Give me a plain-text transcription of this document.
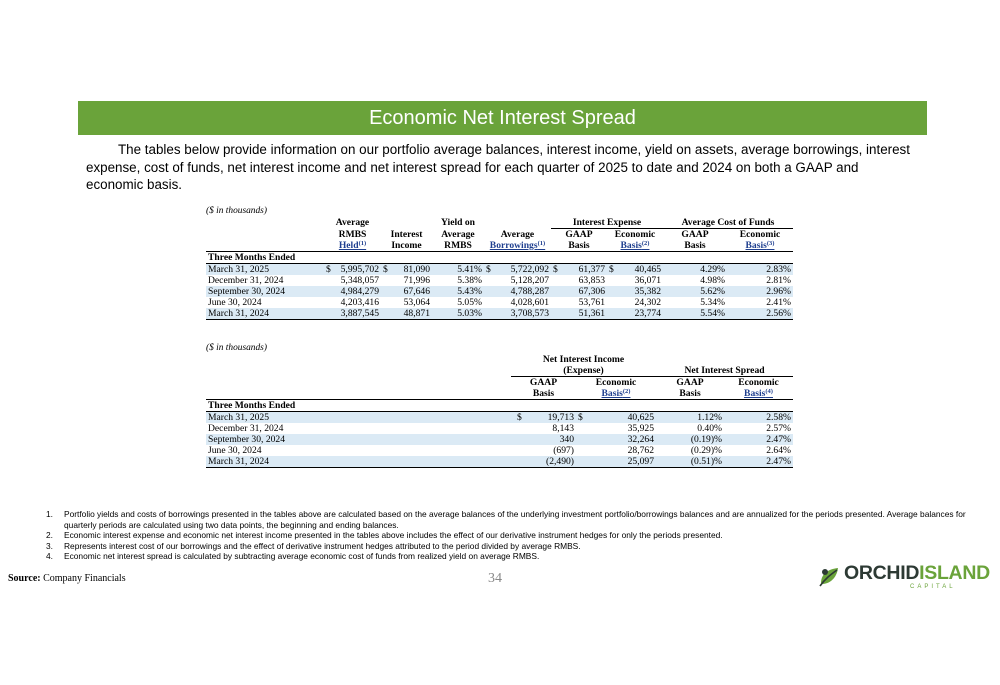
Economic Net Interest Spread
The tables below provide information on our portfolio average balances, interest income, yield on assets, average borrowings, interest expense, cost of funds, net interest income and net interest spread for each quarter of 2025 to date and 2024 on both a GAAP and economic basis.
($ in thousands)
	Average		Yield on		Interest Expense		Average Cost of Funds	
	RMBS	Interest	Average	Average	GAAP	Economic	GAAP	Economic
	Held$^{(1)}$	Income	RMBS	Borrowings$^{(1)}$	Basis	Basis$^{(2)}$	Basis	Basis$^{(3)}$
Three Months Ended								
March 31, 2025	$ 5,995,702	$ 81,090	5.41%	$ 5,722,092	$ 61,377	$ 40,465	4.29%	2.83%
December 31, 2024	5,348,057	71,996	5.38%	5,128,207	63,853	36,071	4.98%	2.81%
September 30, 2024	4,984,279	67,646	5.43%	4,788,287	67,306	35,382	5.62%	2.96%
June 30, 2024	4,203,416	53,064	5.05%	4,028,601	53,761	24,302	5.34%	2.41%
March 31, 2024	3,887,545	48,871	5.03%	3,708,573	51,361	23,774	5.54%	2.56%
($ in thousands)
	Net Interest Income			
	(Expense)		Net Interest Spread	
	GAAP	Economic	GAAP	Economic
	Basis	Basis$^{(2)}$	Basis	Basis$^{(4)}$
Three Months Ended				
March 31, 2025	$ 19,713	$ 40,625	1.12%	2.58%
December 31, 2024	8,143	35,925	0.40%	2.57%
September 30, 2024	340	32,264	(0.19)%	2.47%
June 30, 2024	(697)	28,762	(0.29)%	2.64%
March 31, 2024	(2,490)	25,097	(0.51)%	2.47%
1.	Portfolio yields and costs of borrowings presented in the tables above are calculated based on the average balances of the underlying investment portfolio/borrowings balances and are annualized for the periods presented. Average balances for quarterly periods are calculated using two data points, the beginning and ending balances.
2.	Economic interest expense and economic net interest income presented in the tables above includes the effect of our derivative instrument hedges for only the periods presented.
3.	Represents interest cost of our borrowings and the effect of derivative instrument hedges attributed to the period divided by average RMBS.
4.	Economic net interest spread is calculated by subtracting average economic cost of funds from realized yield on average RMBS.
Source: Company Financials	34	ORCHIDISLAND
CAPITAL
